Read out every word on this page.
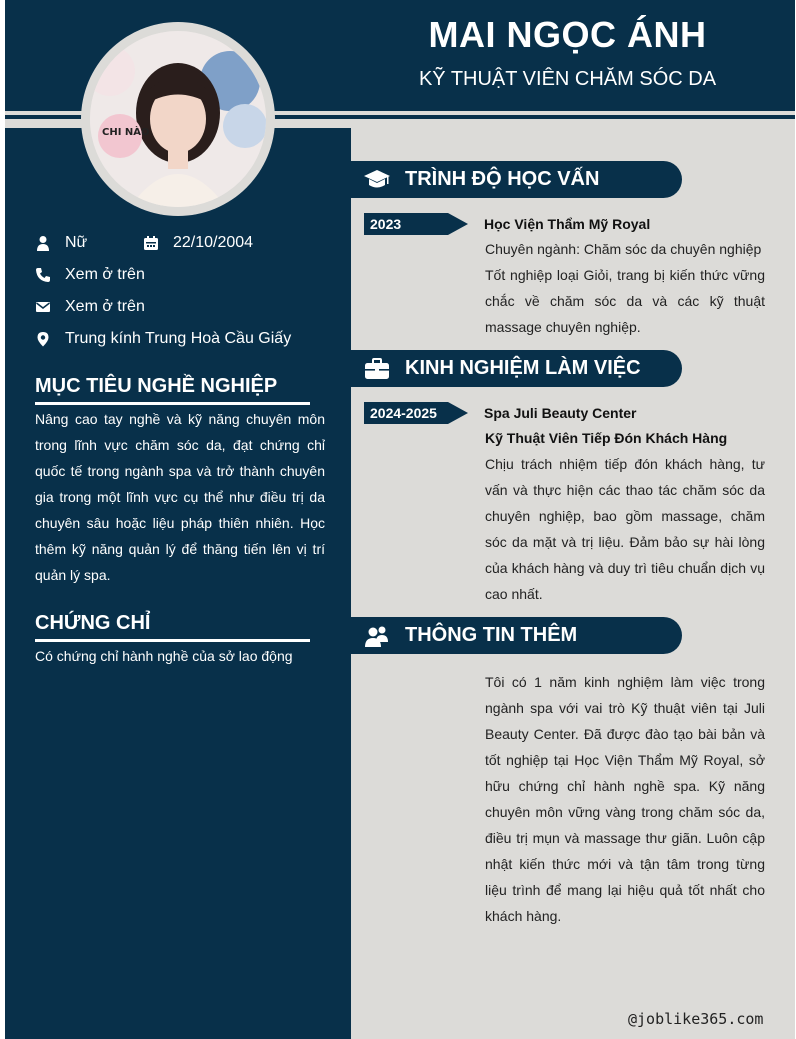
MAI NGỌC ÁNH
KỸ THUẬT VIÊN CHĂM SÓC DA
CHI NÀO
Nữ	22/10/2004
Xem ở trên
Xem ở trên
Trung kính Trung Hoà Cầu Giấy
MỤC TIÊU NGHỀ NGHIỆP
Nâng cao tay nghề và kỹ năng chuyên môn trong lĩnh vực chăm sóc da, đạt chứng chỉ quốc tế trong ngành spa và trở thành chuyên gia trong một lĩnh vực cụ thể như điều trị da chuyên sâu hoặc liệu pháp thiên nhiên. Học thêm kỹ năng quản lý để thăng tiến lên vị trí quản lý spa.
CHỨNG CHỈ
Có chứng chỉ hành nghề của sở lao động
TRÌNH ĐỘ HỌC VẤN
2023	Học Viện Thẩm Mỹ Royal
Chuyên ngành: Chăm sóc da chuyên nghiệp
Tốt nghiệp loại Giỏi, trang bị kiến thức vững chắc về chăm sóc da và các kỹ thuật massage chuyên nghiệp.
KINH NGHIỆM LÀM VIỆC
2024-2025	Spa Juli Beauty Center
Kỹ Thuật Viên Tiếp Đón Khách Hàng
Chịu trách nhiệm tiếp đón khách hàng, tư vấn và thực hiện các thao tác chăm sóc da chuyên nghiệp, bao gồm massage, chăm sóc da mặt và trị liệu. Đảm bảo sự hài lòng của khách hàng và duy trì tiêu chuẩn dịch vụ cao nhất.
THÔNG TIN THÊM
Tôi có 1 năm kinh nghiệm làm việc trong ngành spa với vai trò Kỹ thuật viên tại Juli Beauty Center. Đã được đào tạo bài bản và tốt nghiệp tại Học Viện Thẩm Mỹ Royal, sở hữu chứng chỉ hành nghề spa. Kỹ năng chuyên môn vững vàng trong chăm sóc da, điều trị mụn và massage thư giãn. Luôn cập nhật kiến thức mới và tận tâm trong từng liệu trình để mang lại hiệu quả tốt nhất cho khách hàng.
@joblike365.com
